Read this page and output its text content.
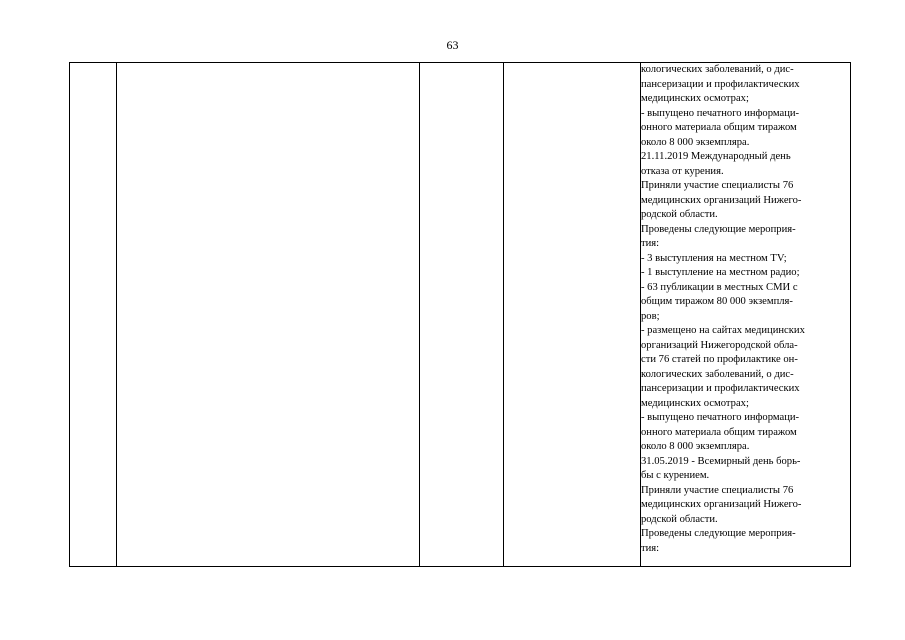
63

кологических заболеваний, о дис-
пансеризации и профилактических
медицинских осмотрах;
- выпущено печатного информаци-
онного материала общим тиражом
около 8 000 экземпляра.
21.11.2019 Международный день
отказа от курения.
Приняли участие специалисты 76
медицинских организаций Нижего-
родской области.
Проведены следующие мероприя-
тия:
- 3 выступления на местном TV;
- 1 выступление на местном радио;
- 63 публикации в местных СМИ с
общим тиражом 80 000 экземпля-
ров;
- размещено на сайтах медицинских
организаций Нижегородской обла-
сти 76 статей по профилактике он-
кологических заболеваний, о дис-
пансеризации и профилактических
медицинских осмотрах;
- выпущено печатного информаци-
онного материала общим тиражом
около 8 000 экземпляра.
31.05.2019 - Всемирный день борь-
бы с курением.
Приняли участие специалисты 76
медицинских организаций Нижего-
родской области.
Проведены следующие мероприя-
тия:
